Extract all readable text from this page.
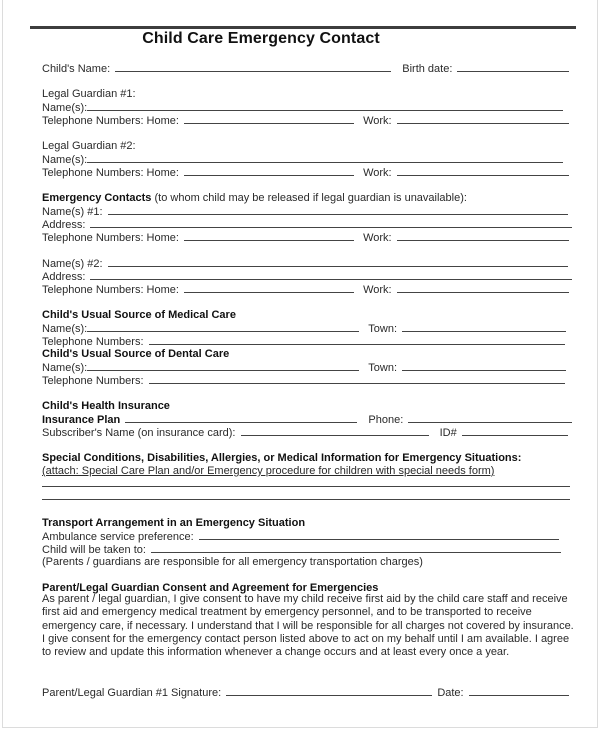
Child Care Emergency Contact
Child's Name:	Birth date:
Legal Guardian #1:
Name(s):
Telephone Numbers: Home:	Work:
Legal Guardian #2:
Name(s):
Telephone Numbers: Home:	Work:
Emergency Contacts (to whom child may be released if legal guardian is unavailable):
Name(s) #1:
Address:
Telephone Numbers: Home:	Work:
Name(s) #2:
Address:
Telephone Numbers: Home:	Work:
Child's Usual Source of Medical Care
Name(s):	Town:
Telephone Numbers:
Child's Usual Source of Dental Care
Name(s):	Town:
Telephone Numbers:
Child's Health Insurance
Insurance Plan	Phone:
Subscriber's Name (on insurance card):	ID#
Special Conditions, Disabilities, Allergies, or Medical Information for Emergency Situations:
(attach: Special Care Plan and/or Emergency procedure for children with special needs form)
Transport Arrangement in an Emergency Situation
Ambulance service preference:
Child will be taken to:
(Parents / guardians are responsible for all emergency transportation charges)
Parent/Legal Guardian Consent and Agreement for Emergencies
As parent / legal guardian, I give consent to have my child receive first aid by the child care staff and receive first aid and emergency medical treatment by emergency personnel, and to be transported to receive emergency care, if necessary. I understand that I will be responsible for all charges not covered by insurance. I give consent for the emergency contact person listed above to act on my behalf until I am available. I agree to review and update this information whenever a change occurs and at least every once a year.
Parent/Legal Guardian #1 Signature:	Date:
